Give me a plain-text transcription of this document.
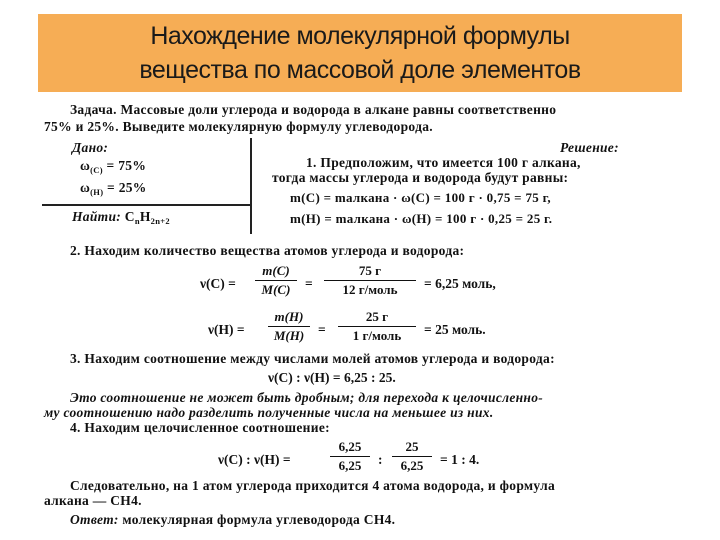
Нахождение молекулярной формулы
вещества по массовой доле элементов
Задача. Массовые доли углерода и водорода в алкане равны соответственно
75% и 25%. Выведите молекулярную формулу углеводорода.
Дано:
$\omega_{(C)} = 75\%$
$\omega_{(H)} = 25\%$
Найти: $C_nH_{2n+2}$
Решение:
1. Предположим, что имеется 100 г алкана,
тогда массы углерода и водорода будут равны:
m(C) = mалкана · ω(C) = 100 г · 0,75 = 75 г,
m(H) = mалкана · ω(H) = 100 г · 0,25 = 25 г.
2. Находим количество вещества атомов углерода и водорода:
ν(C) =
m(C)
M(C)	=
75 г
12 г/моль	= 6,25 моль,
ν(H) =
m(H)
M(H)	=
25 г
1 г/моль	= 25 моль.
3. Находим соотношение между числами молей атомов углерода и водорода:
ν(C) : ν(H) = 6,25 : 25.
Это соотношение не может быть дробным; для перехода к целочисленно-
му соотношению надо разделить полученные числа на меньшее из них.
4. Находим целочисленное соотношение:
ν(C) : ν(H) =
6,25
6,25	:
25
6,25	= 1 : 4.
Следовательно, на 1 атом углерода приходится 4 атома водорода, и формула
алкана — CH4.
Ответ: молекулярная формула углеводорода CH4.
